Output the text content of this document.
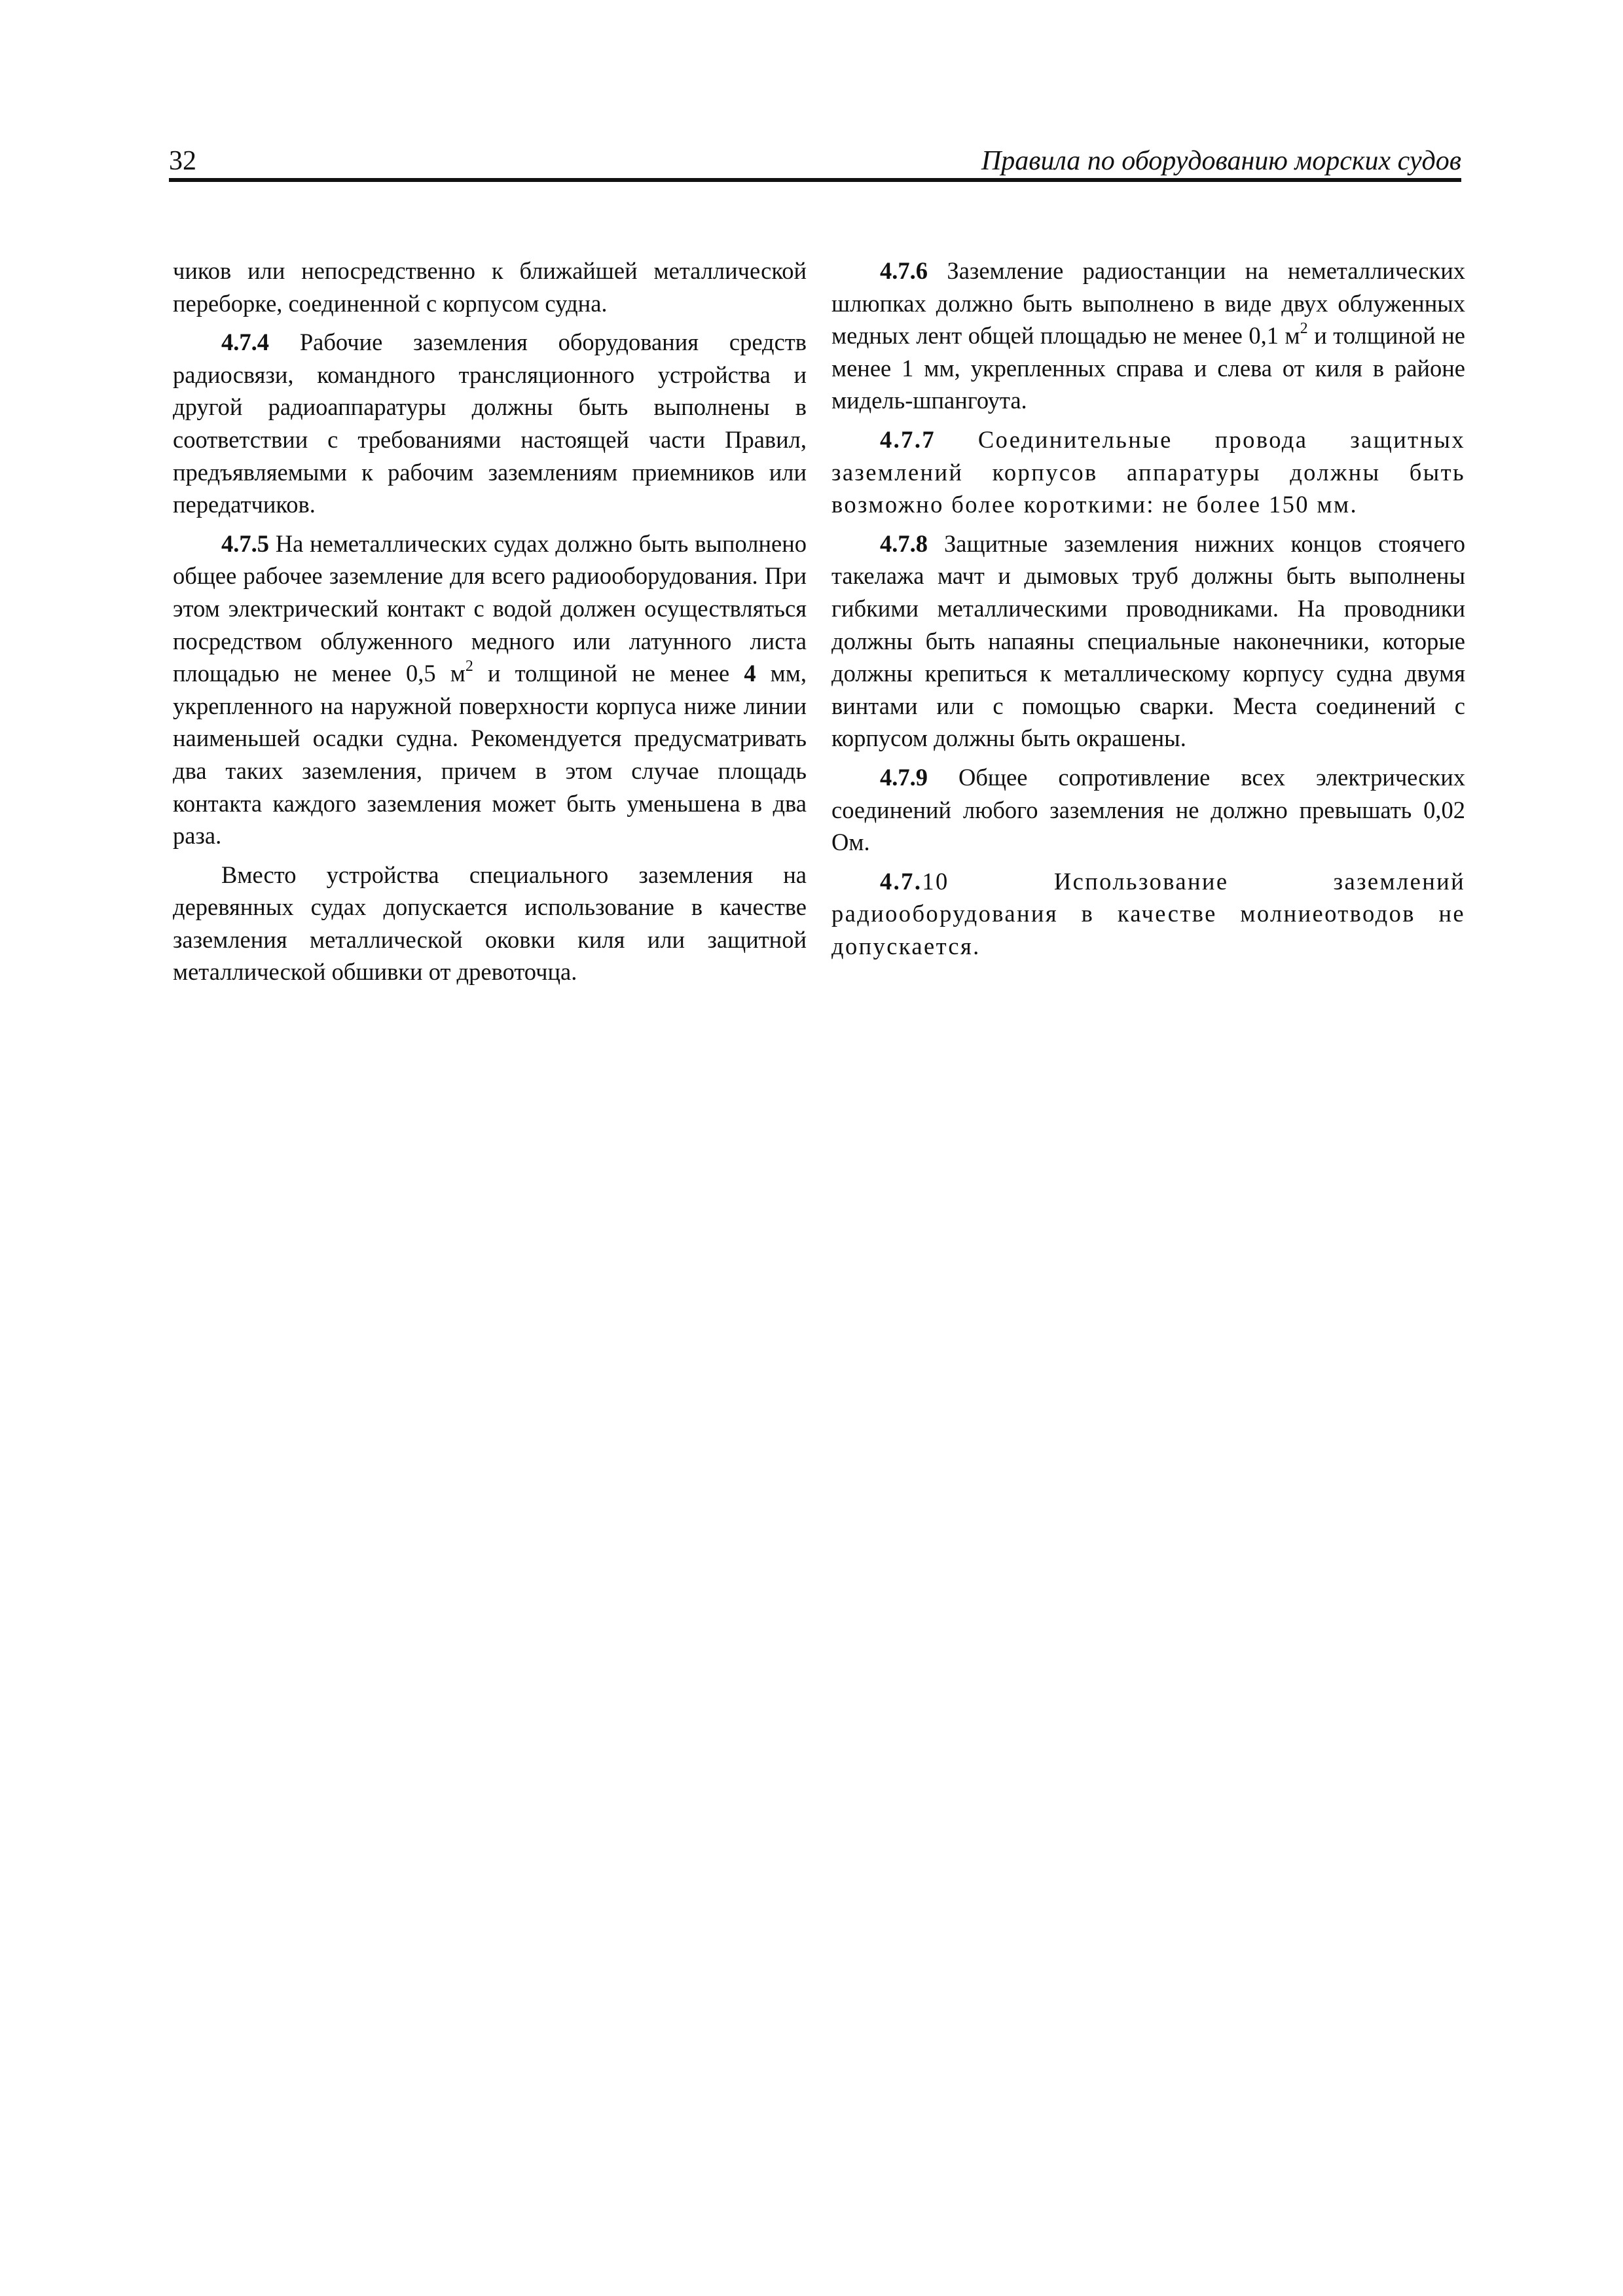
32	Правила по оборудованию морских судов

чиков или непосредственно к ближайшей металлической переборке, соединенной с корпусом судна.

4.7.4 Рабочие заземления оборудования средств радиосвязи, командного трансляционного устройства и другой радиоаппаратуры должны быть выполнены в соответствии с требованиями настоящей части Правил, предъявляемыми к рабочим заземлениям приемников или передатчиков.

4.7.5 На неметаллических судах должно быть выполнено общее рабочее заземление для всего радиооборудования. При этом электрический контакт с водой должен осуществляться посредством облуженного медного или латунного листа площадью не менее 0,5 $м^2$ и толщиной не менее 4 мм, укрепленного на наружной поверхности корпуса ниже линии наименьшей осадки судна. Рекомендуется предусматривать два таких заземления, причем в этом случае площадь контакта каждого заземления может быть уменьшена в два раза.

Вместо устройства специального заземления на деревянных судах допускается использование в качестве заземления металлической оковки киля или защитной металлической обшивки от древоточца.

4.7.6 Заземление радиостанции на неметаллических шлюпках должно быть выполнено в виде двух облуженных медных лент общей площадью не менее 0,1 $м^2$ и толщиной не менее 1 мм, укрепленных справа и слева от киля в районе мидель-шпангоута.

4.7.7 Соединительные провода защитных заземлений корпусов аппаратуры должны быть возможно более короткими: не более 150 мм.

4.7.8 Защитные заземления нижних концов стоячего такелажа мачт и дымовых труб должны быть выполнены гибкими металлическими проводниками. На проводники должны быть напаяны специальные наконечники, которые должны крепиться к металлическому корпусу судна двумя винтами или с помощью сварки. Места соединений с корпусом должны быть окрашены.

4.7.9 Общее сопротивление всех электрических соединений любого заземления не должно превышать 0,02 Ом.

4.7.10 Использование заземлений радиооборудования в качестве молниеотводов не допускается.
